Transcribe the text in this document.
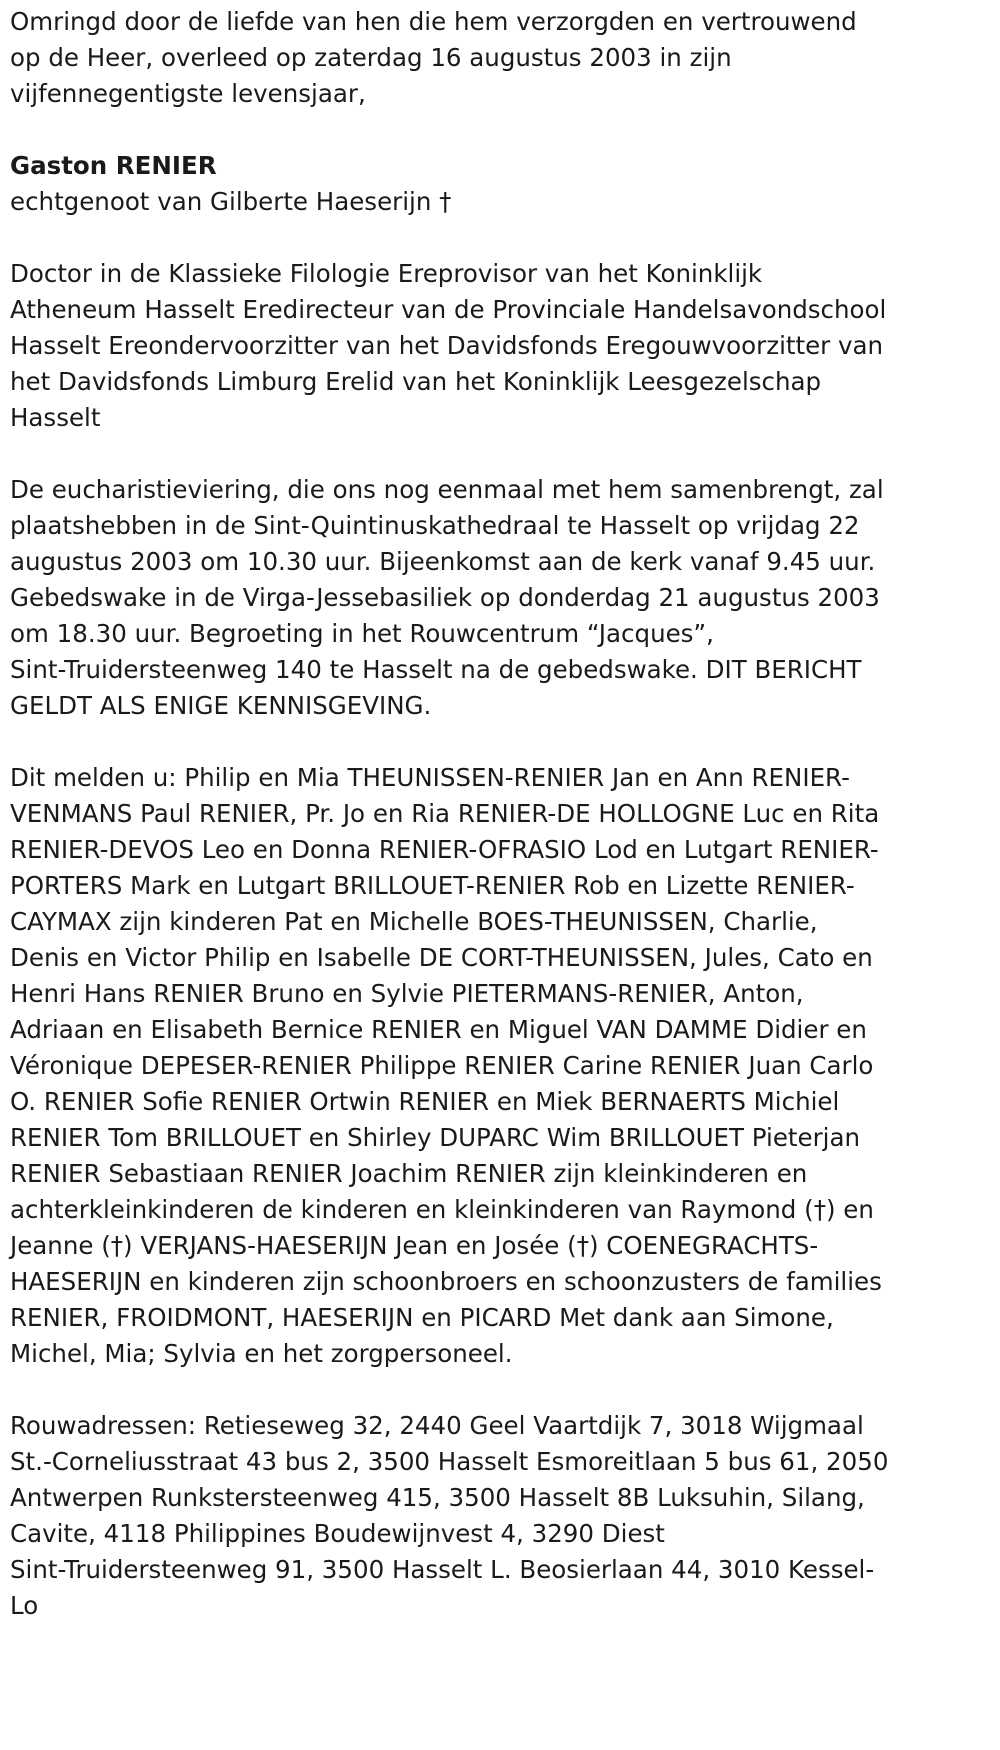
Omringd door de liefde van hen die hem verzorgden en vertrouwend op de Heer, overleed op zaterdag 16 augustus 2003 in zijn vijfennegentigste levensjaar,

Gaston RENIER

echtgenoot van Gilberte Haeserijn †

Doctor in de Klassieke Filologie Ereprovisor van het Koninklijk Atheneum Hasselt Eredirecteur van de Provinciale Handelsavondschool Hasselt Ereondervoorzitter van het Davidsfonds Eregouwvoorzitter van het Davidsfonds Limburg Erelid van het Koninklijk Leesgezelschap Hasselt

De eucharistieviering, die ons nog eenmaal met hem samenbrengt, zal plaatshebben in de Sint-Quintinuskathedraal te Hasselt op vrijdag 22 augustus 2003 om 10.30 uur. Bijeenkomst aan de kerk vanaf 9.45 uur. Gebedswake in de Virga-Jessebasiliek op donderdag 21 augustus 2003 om 18.30 uur. Begroeting in het Rouwcentrum “Jacques”,
Sint-Truidersteenweg 140 te Hasselt na de gebedswake. DIT BERICHT GELDT ALS ENIGE KENNISGEVING.

Dit melden u: Philip en Mia THEUNISSEN-RENIER Jan en Ann RENIER-VENMANS Paul RENIER, Pr. Jo en Ria RENIER-DE HOLLOGNE Luc en Rita RENIER-DEVOS Leo en Donna RENIER-OFRASIO Lod en Lutgart RENIER-PORTERS Mark en Lutgart BRILLOUET-RENIER Rob en Lizette RENIER-CAYMAX zijn kinderen Pat en Michelle BOES-THEUNISSEN, Charlie, Denis en Victor Philip en Isabelle DE CORT-THEUNISSEN, Jules, Cato en Henri Hans RENIER Bruno en Sylvie PIETERMANS-RENIER, Anton, Adriaan en Elisabeth Bernice RENIER en Miguel VAN DAMME Didier en Véronique DEPESER-RENIER Philippe RENIER Carine RENIER Juan Carlo O. RENIER Sofie RENIER Ortwin RENIER en Miek BERNAERTS Michiel RENIER Tom BRILLOUET en Shirley DUPARC Wim BRILLOUET Pieterjan RENIER Sebastiaan RENIER Joachim RENIER zijn kleinkinderen en achterkleinkinderen de kinderen en kleinkinderen van Raymond (†) en Jeanne (†) VERJANS-HAESERIJN Jean en Josée (†) COENEGRACHTS-HAESERIJN en kinderen zijn schoonbroers en schoonzusters de families RENIER, FROIDMONT, HAESERIJN en PICARD Met dank aan Simone, Michel, Mia; Sylvia en het zorgpersoneel.

Rouwadressen: Retieseweg 32, 2440 Geel Vaartdijk 7, 3018 Wijgmaal
St.-Corneliusstraat 43 bus 2, 3500 Hasselt Esmoreitlaan 5 bus 61, 2050 Antwerpen Runkstersteenweg 415, 3500 Hasselt 8B Luksuhin, Silang, Cavite, 4118 Philippines Boudewijnvest 4, 3290 Diest
Sint-Truidersteenweg 91, 3500 Hasselt L. Beosierlaan 44, 3010 Kessel-Lo
